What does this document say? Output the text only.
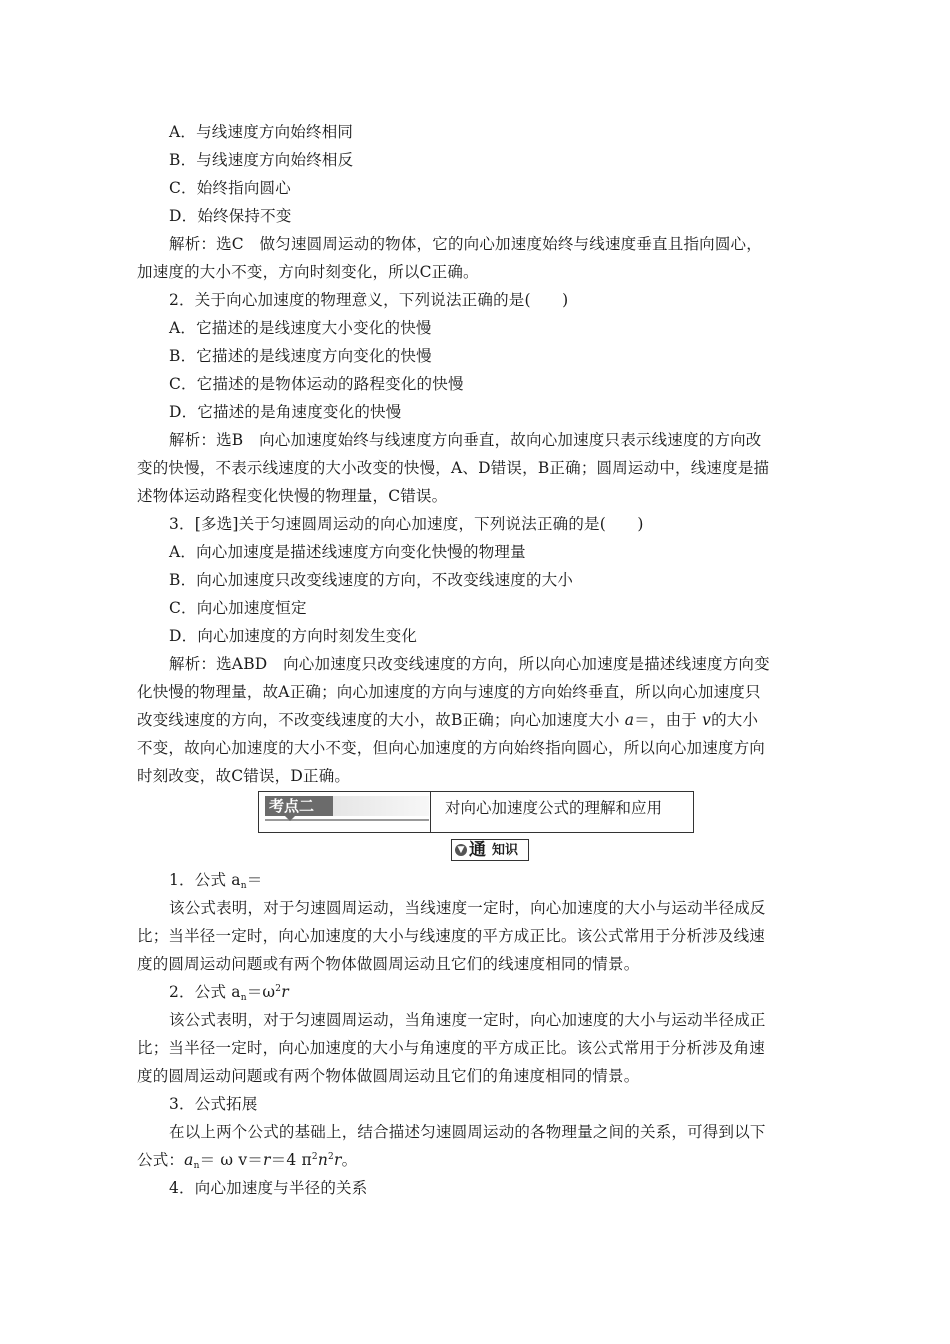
A．与线速度方向始终相同
B．与线速度方向始终相反
C．始终指向圆心
D．始终保持不变
解析：选C　做匀速圆周运动的物体，它的向心加速度始终与线速度垂直且指向圆心，
加速度的大小不变，方向时刻变化，所以C正确。
2．关于向心加速度的物理意义，下列说法正确的是(　　)
A．它描述的是线速度大小变化的快慢
B．它描述的是线速度方向变化的快慢
C．它描述的是物体运动的路程变化的快慢
D．它描述的是角速度变化的快慢
解析：选B　向心加速度始终与线速度方向垂直，故向心加速度只表示线速度的方向改
变的快慢，不表示线速度的大小改变的快慢，A、D错误，B正确；圆周运动中，线速度是描
述物体运动路程变化快慢的物理量，C错误。
3．[多选]关于匀速圆周运动的向心加速度，下列说法正确的是(　　)
A．向心加速度是描述线速度方向变化快慢的物理量
B．向心加速度只改变线速度的方向，不改变线速度的大小
C．向心加速度恒定
D．向心加速度的方向时刻发生变化
解析：选ABD　向心加速度只改变线速度的方向，所以向心加速度是描述线速度方向变
化快慢的物理量，故A正确；向心加速度的方向与速度的方向始终垂直，所以向心加速度只
改变线速度的方向，不改变线速度的大小，故B正确；向心加速度大小 a＝，由于 v的大小
不变，故向心加速度的大小不变，但向心加速度的方向始终指向圆心，所以向心加速度方向
时刻改变，故C错误，D正确。
考点二	对向心加速度公式的理解和应用
▼ 通 知识
1．公式 $a_n=$
该公式表明，对于匀速圆周运动，当线速度一定时，向心加速度的大小与运动半径成反
比；当半径一定时，向心加速度的大小与线速度的平方成正比。该公式常用于分析涉及线速
度的圆周运动问题或有两个物体做圆周运动且它们的线速度相同的情景。
2．公式 $a_n=\omega^2r$
该公式表明，对于匀速圆周运动，当角速度一定时，向心加速度的大小与运动半径成正
比；当半径一定时，向心加速度的大小与角速度的平方成正比。该公式常用于分析涉及角速
度的圆周运动问题或有两个物体做圆周运动且它们的角速度相同的情景。
3．公式拓展
在以上两个公式的基础上，结合描述匀速圆周运动的各物理量之间的关系，可得到以下
公式：$a_n= \omega$ v＝r＝4 $\pi^2n^2r$。
4．向心加速度与半径的关系
